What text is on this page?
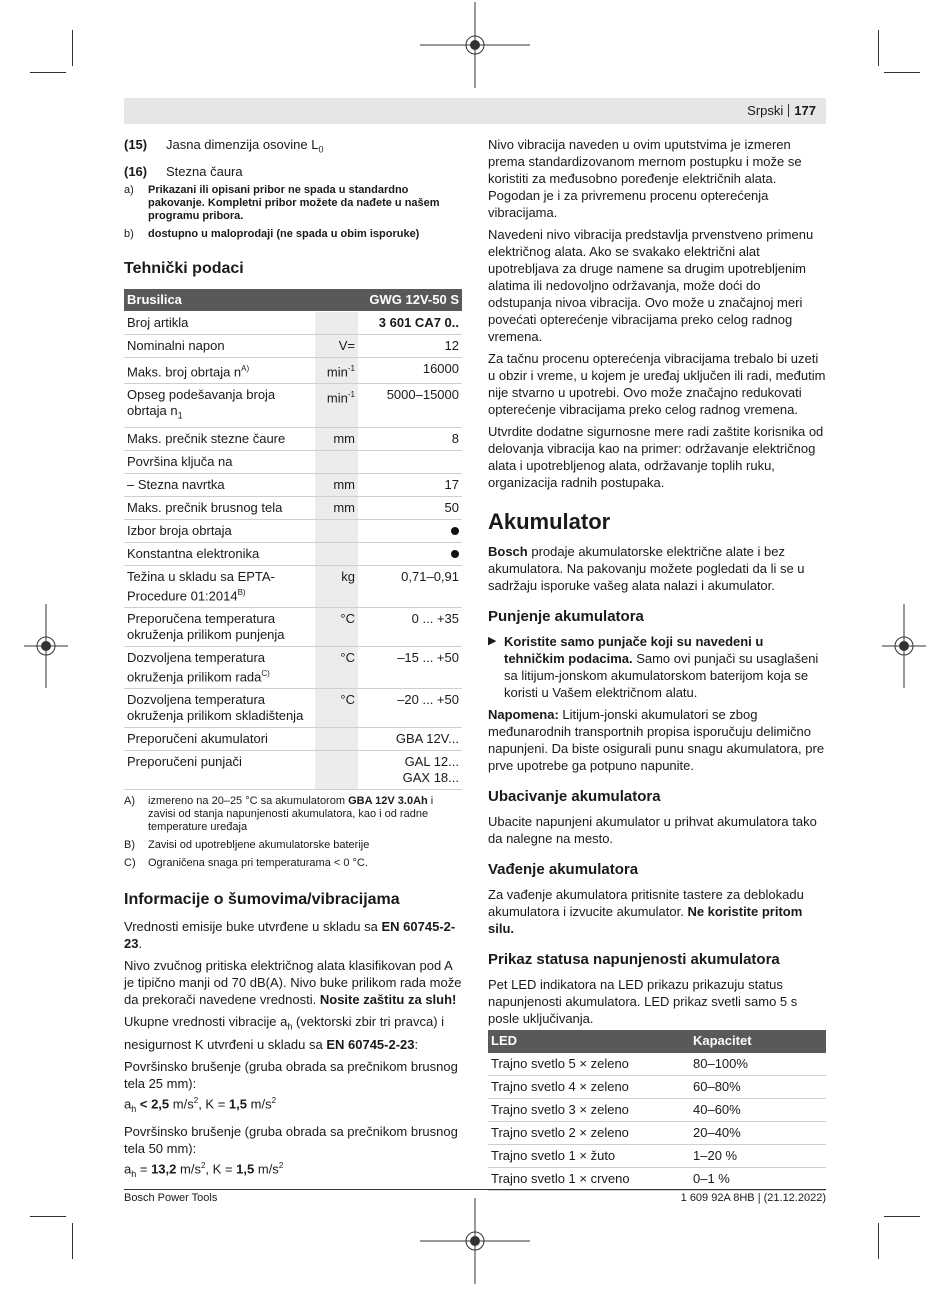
Srpski 177
(15)	Jasna dimenzija osovine $L_0$
(16)	Stezna čaura
a)	Prikazani ili opisani pribor ne spada u standardno pakovanje. Kompletni pribor možete da nađete u našem programu pribora.
b)	dostupno u maloprodaji (ne spada u obim isporuke)
Tehnički podaci
Brusilica		GWG 12V-50 S
Broj artikla		3 601 CA7 0..
Nominalni napon	V=	12
Maks. broj obrtaja $n^{A)}$	$\min^{-1}$	16000
Opseg podešavanja broja obrtaja $n_1$	$\min^{-1}$	5000–15000
Maks. prečnik stezne čaure	mm	8
Površina ključa na		
– Stezna navrtka	mm	17
Maks. prečnik brusnog tela	mm	50
Izbor broja obrtaja		
Konstantna elektronika		
Težina u skladu sa EPTA-Procedure $01:2014^{B)}$	kg	0,71–0,91
Preporučena temperatura okruženja prilikom punjenja	°C	0 ... +35
Dozvoljena temperatura okruženja prilikom rada$^{C)}$	°C	–15 ... +50
Dozvoljena temperatura okruženja prilikom skladištenja	°C	–20 ... +50
Preporučeni akumulatori		GBA 12V...
Preporučeni punjači		GAL 12...
GAX 18...
A)	izmereno na 20–25 °C sa akumulatorom GBA 12V 3.0Ah i zavisi od stanja napunjenosti akumulatora, kao i od radne temperature uređaja
B)	Zavisi od upotrebljene akumulatorske baterije
C)	Ograničena snaga pri temperaturama < 0 °C.
Informacije o šumovima/vibracijama

Vrednosti emisije buke utvrđene u skladu sa EN 60745-2-23.

Nivo zvučnog pritiska električnog alata klasifikovan pod A je tipično manji od 70 dB(A). Nivo buke prilikom rada može da prekorači navedene vrednosti. Nosite zaštitu za sluh!

Ukupne vrednosti vibracije $a_h$ (vektorski zbir tri pravca) i nesigurnost K utvrđeni u skladu sa EN 60745-2-23:

Površinsko brušenje (gruba obrada sa prečnikom brusnog tela 25 mm):

$a_h < 2,5$ $m/s^2$, K = 1,5 $m/s^2$

Površinsko brušenje (gruba obrada sa prečnikom brusnog tela 50 mm):

$a_h = 13,2$ $m/s^2$, K = 1,5 $m/s^2$

Nivo vibracija naveden u ovim uputstvima je izmeren prema standardizovanom mernom postupku i može se koristiti za međusobno poređenje električnih alata. Pogodan je i za privremenu procenu opterećenja vibracijama.

Navedeni nivo vibracija predstavlja prvenstveno primenu električnog alata. Ako se svakako električni alat upotrebljava za druge namene sa drugim upotrebljenim alatima ili nedovoljno održavanja, može doći do odstupanja nivoa vibracija. Ovo može u značajnoj meri povećati opterećenje vibracijama preko celog radnog vremena.

Za tačnu procenu opterećenja vibracijama trebalo bi uzeti u obzir i vreme, u kojem je uređaj uključen ili radi, međutim nije stvarno u upotrebi. Ovo može značajno redukovati opterećenje vibracijama preko celog radnog vremena.

Utvrdite dodatne sigurnosne mere radi zaštite korisnika od delovanja vibracija kao na primer: održavanje električnog alata i upotrebljenog alata, održavanje toplih ruku, organizacija radnih postupaka.

Akumulator

Bosch prodaje akumulatorske električne alate i bez akumulatora. Na pakovanju možete pogledati da li se u sadržaju isporuke vašeg alata nalazi i akumulator.

Punjenje akumulatora
▶ Koristite samo punjače koji su navedeni u tehničkim podacima. Samo ovi punjači su usaglašeni sa litijum-jonskom akumulatorskom baterijom koja se koristi u Vašem električnom alatu.

Napomena: Litijum-jonski akumulatori se zbog međunarodnih transportnih propisa isporučuju delimično napunjeni. Da biste osigurali punu snagu akumulatora, pre prve upotrebe ga potpuno napunite.

Ubacivanje akumulatora

Ubacite napunjeni akumulator u prihvat akumulatora tako da nalegne na mesto.

Vađenje akumulatora

Za vađenje akumulatora pritisnite tastere za deblokadu akumulatora i izvucite akumulator. Ne koristite pritom silu.

Prikaz statusa napunjenosti akumulatora

Pet LED indikatora na LED prikazu prikazuju status napunjenosti akumulatora. LED prikaz svetli samo 5 s posle uključivanja.

LED	Kapacitet
Trajno svetlo 5 × zeleno	80–100%
Trajno svetlo 4 × zeleno	60–80%
Trajno svetlo 3 × zeleno	40–60%
Trajno svetlo 2 × zeleno	20–40%
Trajno svetlo 1 × žuto	1–20 %
Trajno svetlo 1 × crveno	0–1 %
Bosch Power Tools	1 609 92A 8HB | (21.12.2022)
